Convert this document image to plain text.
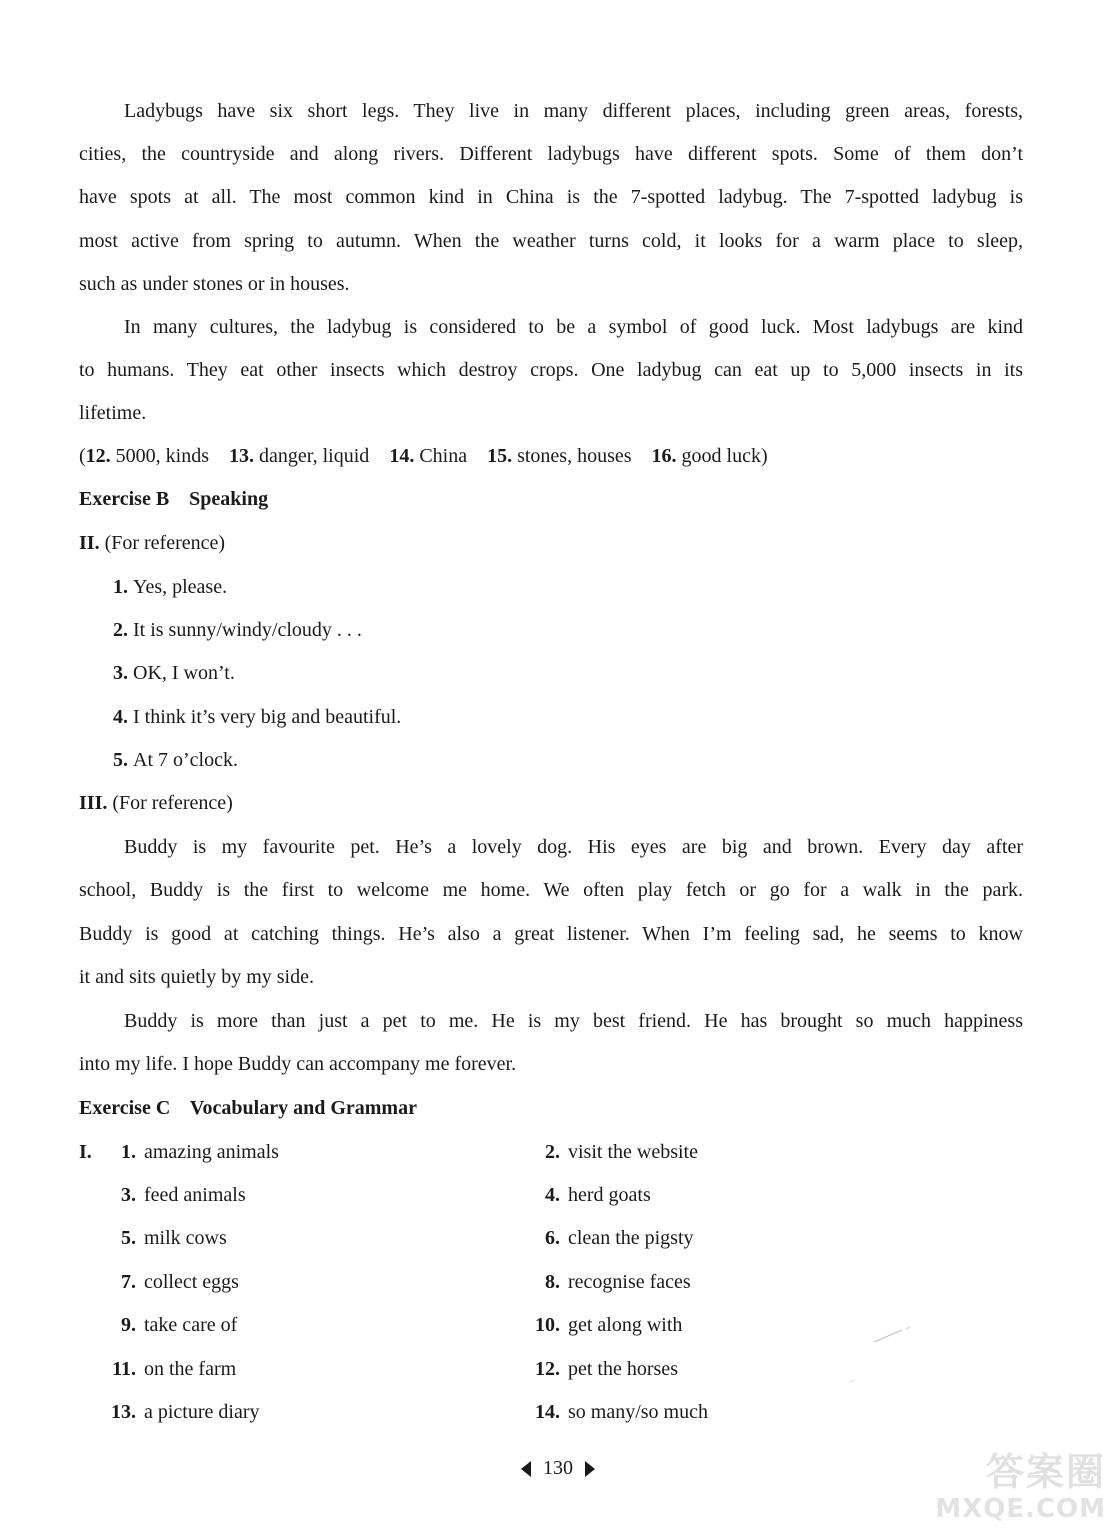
Ladybugs have six short legs. They live in many different places, including green areas, forests,
cities, the countryside and along rivers. Different ladybugs have different spots. Some of them don’t
have spots at all. The most common kind in China is the 7-spotted ladybug. The 7-spotted ladybug is
most active from spring to autumn. When the weather turns cold, it looks for a warm place to sleep,
such as under stones or in houses.
In many cultures, the ladybug is considered to be a symbol of good luck. Most ladybugs are kind
to humans. They eat other insects which destroy crops. One ladybug can eat up to 5,000 insects in its
lifetime.
(12. 5000, kinds 13. danger, liquid 14. China 15. stones, houses 16. good luck)
Exercise B    Speaking
II. (For reference)
1. Yes, please.
2. It is sunny/windy/cloudy . . .
3. OK, I won’t.
4. I think it’s very big and beautiful.
5. At 7 o’clock.
III. (For reference)
Buddy is my favourite pet. He’s a lovely dog. His eyes are big and brown. Every day after
school, Buddy is the first to welcome me home. We often play fetch or go for a walk in the park.
Buddy is good at catching things. He’s also a great listener. When I’m feeling sad, he seems to know
it and sits quietly by my side.
Buddy is more than just a pet to me. He is my best friend. He has brought so much happiness
into my life. I hope Buddy can accompany me forever.
Exercise C    Vocabulary and Grammar
I.	1. amazing animals
3. feed animals
5. milk cows
7. collect eggs
9. take care of
11. on the farm
13. a picture diary
2. visit the website
4. herd goats
6. clean the pigsty
8. recognise faces
10. get along with
12. pet the horses
14. so many/so much
130	答案圈
MXQE.COM
